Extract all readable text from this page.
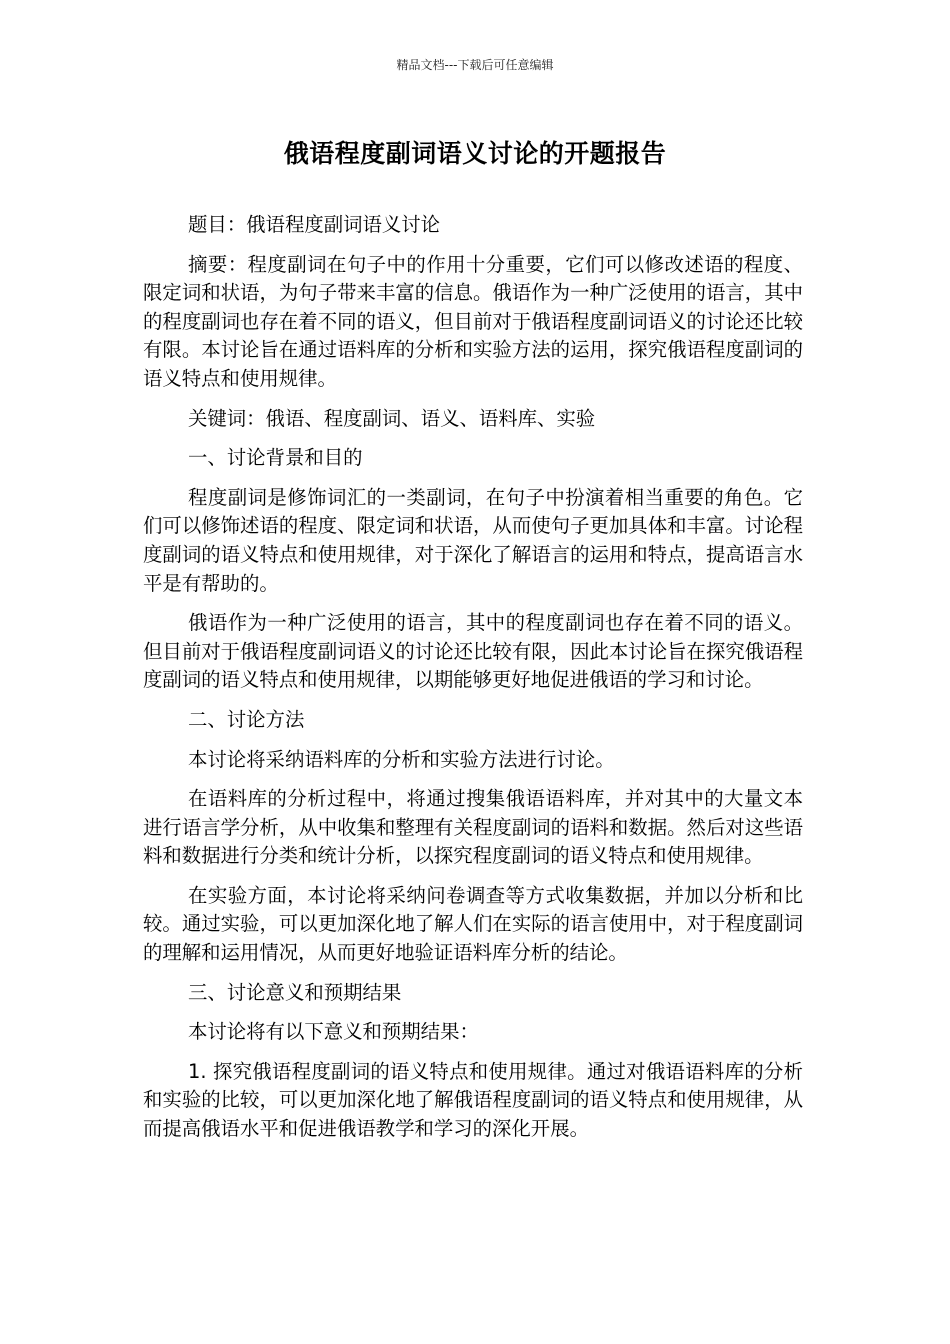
精品文档---下载后可任意编辑
俄语程度副词语义讨论的开题报告

题目：俄语程度副词语义讨论

摘要：程度副词在句子中的作用十分重要，它们可以修改述语的程度、限定词和状语，为句子带来丰富的信息。俄语作为一种广泛使用的语言，其中的程度副词也存在着不同的语义，但目前对于俄语程度副词语义的讨论还比较有限。本讨论旨在通过语料库的分析和实验方法的运用，探究俄语程度副词的语义特点和使用规律。

关键词：俄语、程度副词、语义、语料库、实验

一、讨论背景和目的

程度副词是修饰词汇的一类副词，在句子中扮演着相当重要的角色。它们可以修饰述语的程度、限定词和状语，从而使句子更加具体和丰富。讨论程度副词的语义特点和使用规律，对于深化了解语言的运用和特点，提高语言水平是有帮助的。

俄语作为一种广泛使用的语言，其中的程度副词也存在着不同的语义。但目前对于俄语程度副词语义的讨论还比较有限，因此本讨论旨在探究俄语程度副词的语义特点和使用规律，以期能够更好地促进俄语的学习和讨论。

二、讨论方法

本讨论将采纳语料库的分析和实验方法进行讨论。

在语料库的分析过程中，将通过搜集俄语语料库，并对其中的大量文本进行语言学分析，从中收集和整理有关程度副词的语料和数据。然后对这些语料和数据进行分类和统计分析，以探究程度副词的语义特点和使用规律。

在实验方面，本讨论将采纳问卷调查等方式收集数据，并加以分析和比较。通过实验，可以更加深化地了解人们在实际的语言使用中，对于程度副词的理解和运用情况，从而更好地验证语料库分析的结论。

三、讨论意义和预期结果

本讨论将有以下意义和预期结果：

1. 探究俄语程度副词的语义特点和使用规律。通过对俄语语料库的分析和实验的比较，可以更加深化地了解俄语程度副词的语义特点和使用规律，从而提高俄语水平和促进俄语教学和学习的深化开展。
